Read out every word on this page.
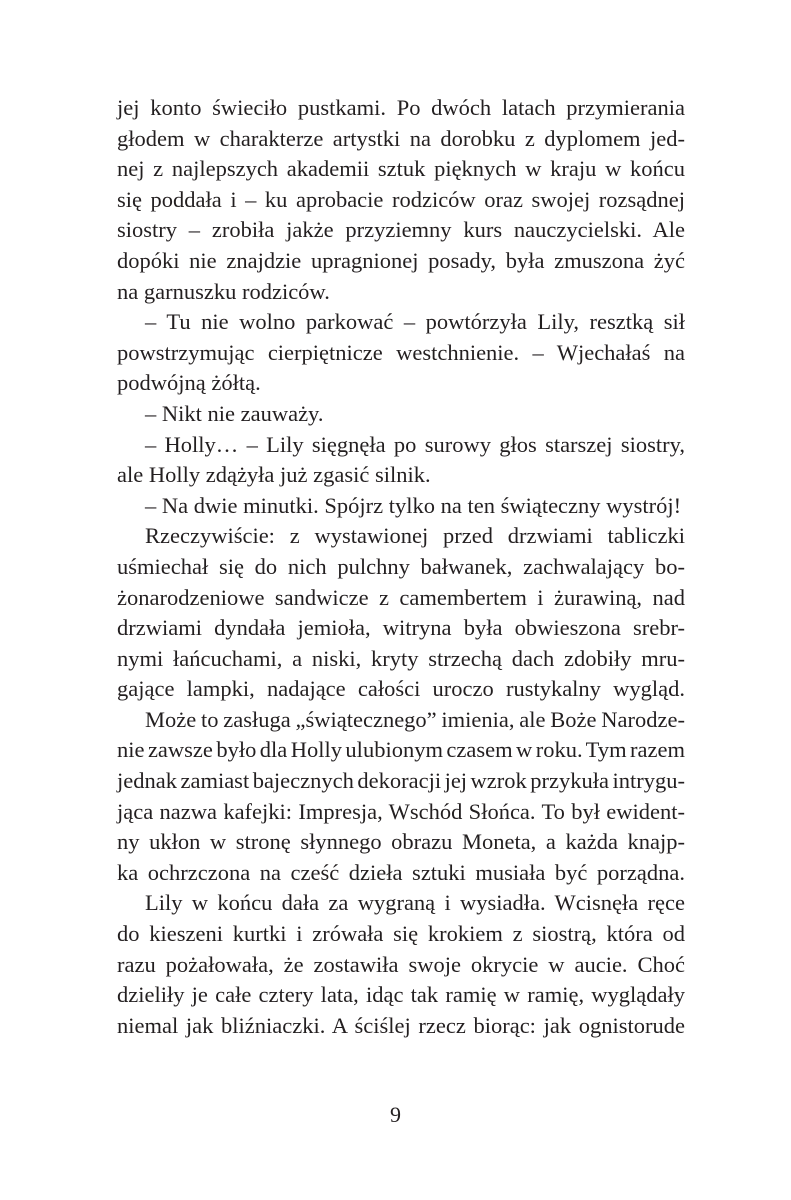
jej konto świeciło pustkami. Po dwóch latach przymierania
głodem w charakterze artystki na dorobku z dyplomem jed-
nej z najlepszych akademii sztuk pięknych w kraju w końcu
się poddała i – ku aprobacie rodziców oraz swojej rozsądnej
siostry – zrobiła jakże przyziemny kurs nauczycielski. Ale
dopóki nie znajdzie upragnionej posady, była zmuszona żyć
na garnuszku rodziców.
– Tu nie wolno parkować – powtórzyła Lily, resztką sił
powstrzymując cierpiętnicze westchnienie. – Wjechałaś na
podwójną żółtą.
– Nikt nie zauważy.
– Holly… – Lily sięgnęła po surowy głos starszej siostry,
ale Holly zdążyła już zgasić silnik.
– Na dwie minutki. Spójrz tylko na ten świąteczny wystrój!
Rzeczywiście: z wystawionej przed drzwiami tabliczki
uśmiechał się do nich pulchny bałwanek, zachwalający bo-
żonarodzeniowe sandwicze z camembertem i żurawiną, nad
drzwiami dyndała jemioła, witryna była obwieszona srebr-
nymi łańcuchami, a niski, kryty strzechą dach zdobiły mru-
gające lampki, nadające całości uroczo rustykalny wygląd.
Może to zasługa „świątecznego” imienia, ale Boże Narodze-
nie zawsze było dla Holly ulubionym czasem w roku. Tym razem
jednak zamiast bajecznych dekoracji jej wzrok przykuła intrygu-
jąca nazwa kafejki: Impresja, Wschód Słońca. To był ewident-
ny ukłon w stronę słynnego obrazu Moneta, a każda knajp-
ka ochrzczona na cześć dzieła sztuki musiała być porządna.
Lily w końcu dała za wygraną i wysiadła. Wcisnęła ręce
do kieszeni kurtki i zrówała się krokiem z siostrą, która od
razu pożałowała, że zostawiła swoje okrycie w aucie. Choć
dzieliły je całe cztery lata, idąc tak ramię w ramię, wyglądały
niemal jak bliźniaczki. A ściślej rzecz biorąc: jak ognistorude
9
